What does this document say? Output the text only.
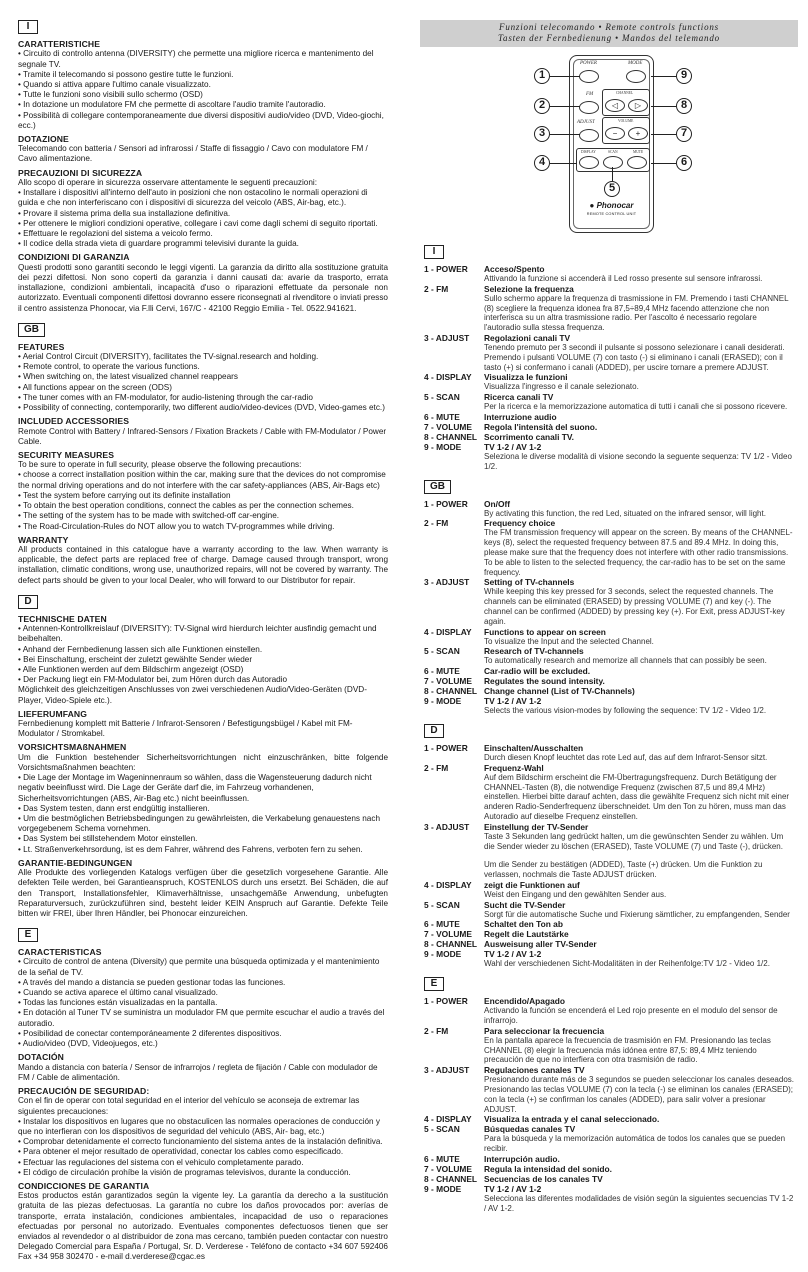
I
CARATTERISTICHE
• Circuito di controllo antenna (DIVERSITY) che permette una migliore ricerca e mantenimento del segnale TV.
• Tramite il telecomando si possono gestire tutte le funzioni.
• Quando si attiva appare l'ultimo canale visualizzato.
• Tutte le funzioni sono visibili sullo schermo (OSD)
• In dotazione un modulatore FM che permette di ascoltare l'audio tramite l'autoradio.
• Possibilità di collegare contemporaneamente due diversi dispositivi audio/video (DVD, Video-giochi, ecc.)
DOTAZIONE
Telecomando con batteria / Sensori ad infrarossi / Staffe di fissaggio / Cavo con modulatore FM / Cavo alimentazione.
PRECAUZIONI DI SICUREZZA
Allo scopo di operare in sicurezza osservare attentamente le seguenti precauzioni:
• Installare i dispositivi all'interno dell'auto in posizioni che non ostacolino le normali operazioni di guida e che non interferiscano con i dispositivi di sicurezza del veicolo (ABS, Air-bag, etc.).
• Provare il sistema prima della sua installazione definitiva.
• Per ottenere le migliori condizioni operative, collegare i cavi come dagli schemi di seguito riportati.
• Effettuare le regolazioni del sistema a veicolo fermo.
• Il codice della strada vieta di guardare programmi televisivi durante la guida.
CONDIZIONI DI GARANZIA
Questi prodotti sono garantiti secondo le leggi vigenti. La garanzia da diritto alla sostituzione gratuita dei pezzi difettosi. Non sono coperti da garanzia i danni causati da: avarie da trasporto, errata installazione, condizioni ambientali, incapacità d'uso o riparazioni effettuate da personale non autorizzato. Eventuali componenti difettosi dovranno essere riconsegnati al rivenditore o inviati presso il centro assistenza Phonocar, via F.lli Cervi, 167/C - 42100 Reggio Emilia - Tel. 0522.941621.
GB
FEATURES
• Aerial Control Circuit (DIVERSITY), facilitates the TV-signal.research and holding.
• Remote control, to operate the various functions.
• When switching on, the latest visualized channel reappears
• All functions appear on the screen (ODS)
• The tuner comes with an FM-modulator, for audio-listening through the car-radio
• Possibility of connecting, contemporarily, two different audio/video-devices (DVD, Video-games etc.)
INCLUDED ACCESSORIES
Remote Control with Battery / Infrared-Sensors / Fixation Brackets / Cable with FM-Modulator / Power Cable.
SECURITY MEASURES
To be sure to operate in full security, please observe the following precautions:
• choose a correct installation position within the car, making sure that the devices do not compromise the normal driving operations and do not interfere with the car safety-appliances (ABS, Air-Bags etc)
• Test the system before carrying out its definite installation
• To obtain the best operation conditions, connect the cables as per the connection schemes.
• The setting of the system has to be made with switched-off car-engine.
• The Road-Circulation-Rules do NOT allow you to watch TV-programmes while driving.
WARRANTY
All products contained in this catalogue have a warranty according to the law. When warranty is applicable, the defect parts are replaced free of charge. Damage caused through transport, wrong installation, climatic conditions, wrong use, unauthorized repairs, will not be covered by warranty. The defect parts should be given to your local Dealer, who will forward to our Distributor for repair.
D
TECHNISCHE DATEN
• Antennen-Kontrollkreislauf (DIVERSITY): TV-Signal wird hierdurch leichter ausfindig gemacht und beibehalten.
• Anhand der Fernbedienung lassen sich alle Funktionen einstellen.
• Bei Einschaltung, erscheint der zuletzt gewählte Sender wieder
• Alle Funktionen werden auf dem Bildschirm angezeigt (OSD)
• Der Packung liegt ein FM-Modulator bei, zum Hören durch das Autoradio
Möglichkeit des gleichzeitigen Anschlusses von zwei verschiedenen Audio/Video-Geräten (DVD-Player, Video-Spiele etc.).
LIEFERUMFANG
Fernbedienung komplett mit Batterie / Infrarot-Sensoren / Befestigungsbügel / Kabel mit FM-Modulator / Stromkabel.
VORSICHTSMAßNAHMEN
Um die Funktion bestehender Sicherheitsvorrichtungen nicht einzuschränken, bitte folgende Vorsichtsmaßnahmen beachten:
• Die Lage der Montage im Wageninnenraum so wählen, dass die Wagensteuerung dadurch nicht negativ beeinflusst wird. Die Lage der Geräte darf die, im Fahrzeug vorhandenen, Sicherheitsvorrichtungen (ABS, Air-Bag etc.) nicht beeinflussen.
• Das System testen, dann erst endgültig installieren.
• Um die bestmöglichen Betriebsbedingungen zu gewährleisten, die Verkabelung genauestens nach vorgegebenem Schema vornehmen.
• Das System bei stillstehendem Motor einstellen.
• Lt. Straßenverkehrsordung, ist es dem Fahrer, während des Fahrens, verboten fern zu sehen.
GARANTIE-BEDINGUNGEN
Alle Produkte des vorliegenden Katalogs verfügen über die gesetzlich vorgesehene Garantie. Alle defekten Teile werden, bei Garantieanspruch, KOSTENLOS durch uns ersetzt. Bei Schäden, die auf den Transport, Installationsfehler, Klimaverhältnisse, unsachgemäße Anwendung, unbefugten Reparaturversuch, zurückzuführen sind, besteht leider KEIN Anspruch auf Garantie. Defekte Teile bitten wir FREI, über Ihren Händler, bei Phonocar einzureichen.
E
CARACTERISTICAS
• Circuito de control de antena (Diversity) que permite una búsqueda optimizada y el mantenimiento de la señal de TV.
• A través del mando a distancia se pueden gestionar todas las funciones.
• Cuando se activa aparece el último canal visualizado.
• Todas las funciones están visualizadas en la pantalla.
• En dotación al Tuner TV se suministra un modulador FM que permite escuchar el audio a través del autoradio.
• Posibilidad de conectar contemporáneamente 2 diferentes dispositivos.
• Audio/video (DVD, Videojuegos, etc.)
DOTACIÓN
Mando a distancia con batería / Sensor de infrarrojos / regleta de fijación / Cable con modulador de FM / Cable de alimentación.
PRECAUCIÓN DE SEGURIDAD:
Con el fin de operar con total seguridad en el interior del vehículo se aconseja de extremar las siguientes precauciones:
• Instalar los dispositivos en lugares que no obstaculicen las normales operaciones de conducción y que no interfieran con los dispositivos de seguridad del vehiculo (ABS, Air- bag, etc.)
• Comprobar detenidamente el correcto funcionamiento del sistema antes de la instalación definitiva.
• Para obtener el mejor resultado de operatividad, conectar los cables como especificado.
• Efectuar las regulaciones del sistema con el vehiculo completamente parado.
• El código de circulación prohíbe la visión de programas televisivos, durante la conducción.
CONDICCIONES DE GARANTIA
Estos productos están garantizados según la vigente ley. La garantía da derecho a la sustitución gratuita de las piezas defectuosas. La garantía no cubre los daños provocados por: averías de transporte, errata instalación, condiciones ambientales, incapacidad de uso o reparaciones efectuadas por personal no autorizado. Eventuales componentes defectuosos tienen que ser enviados al revendedor o al distribuidor de zona mas cercano, también pueden contactar con nuestro Delegado Comercial para España / Portugal, Sr. D. Verderese - Teléfono de contacto +34 607 592406 Fax +34 958 302470 - e-mail d.verderese@cgac.es
Funzioni telecomando • Remote controls functions
Tasten der Fernbedienung • Mandos del telemando
POWER	MODE
FM	CHANNEL
◁	▷
ADJUST	VOLUME
−	+
DISPLAY	SCAN	MUTE
● Phonocar
REMOTE CONTROL UNIT
1
2
3
4
5
9
8
7
6
I
1 - POWER	Acceso/Spento
Attivando la funzione si accenderà il Led rosso presente sul sensore infrarossi.
2 - FM	Selezione la frequenza
Sullo schermo appare la frequenza di trasmissione in FM. Premendo i tasti CHANNEL (8) scegliere la frequenza idonea fra 87,5÷89,4 MHz facendo attenzione che non interferisca su un altra trasmissione radio. Per l'ascolto é necessario regolare l'autoradio sulla stessa frequenza.
3 - ADJUST	Regolazioni canali TV
Tenendo premuto per 3 secondi il pulsante si possono selezionare i canali desiderati. Premendo i pulsanti VOLUME (7) con tasto (-) si eliminano i canali (ERASED); con il tasto (+) si confermano i canali (ADDED), per uscire tornare a premere ADJUST.
4 - DISPLAY	Visualizza le funzioni
Visualizza l'ingresso e il canale selezionato.
5 - SCAN	Ricerca canali TV
Per la ricerca e la memorizzazione automatica di tutti i canali che si possono ricevere.
6 - MUTE	Interruzione audio
7 - VOLUME	Regola l'intensità del suono.
8 - CHANNEL Scorrimento canali TV.
9 - MODE	TV 1-2 / AV 1-2
Seleziona le diverse modalità di visione secondo la seguente sequenza: TV 1/2 - Video 1/2.
GB
1 - POWER	On/Off
By activating this function, the red Led, situated on the infrared sensor, will light.
2 - FM	Frequency choice
The FM transmission frequency will appear on the screen. By means of the CHANNEL-keys (8), select the requested frequency between 87.5 and 89.4 MHz. In doing this, please make sure that the frequency does not interfere with other radio transmissions. To be able to listen to the selected frequency, the car-radio has to be set on the same frequency.
3 - ADJUST	Setting of TV-channels
While keeping this key pressed for 3 seconds, select the requested channels. The channels can be eliminated (ERASED) by pressing VOLUME (7) and key (-). The channel can be confirmed (ADDED) by pressing key (+). For Exit, press ADJUST-key again.
4 - DISPLAY	Functions to appear on screen
To visualize the Input and the selected Channel.
5 - SCAN	Research of TV-channels
To automatically research and memorize all channels that can possibly be seen.
6 - MUTE	Car-radio will be excluded.
7 - VOLUME	Regulates the sound intensity.
8 - CHANNEL Change channel (List of TV-Channels)
9 - MODE	TV 1-2 / AV 1-2
Selects the various vision-modes by following the sequence: TV 1/2 - Video 1/2.
D
1 - POWER	Einschalten/Ausschalten
Durch diesen Knopf leuchtet das rote Led auf, das auf dem Infrarot-Sensor sitzt.
2 - FM	Frequenz-Wahl
Auf dem Bildschirm erscheint die FM-Übertragungsfrequenz. Durch Betätigung der CHANNEL-Tasten (8), die notwendige Frequenz (zwischen 87,5 und 89,4 MHz) einstellen. Hierbei bitte darauf achten, dass die gewählte Frequenz sich nicht mit einer anderen Radio-Senderfrequenz überschneidet. Um den Ton zu hören, muss man das Autoradio auf dieselbe Frequenz einstellen.
3 - ADJUST	Einstellung der TV-Sender
Taste 3 Sekunden lang gedrückt halten, um die gewünschten Sender zu wählen. Um die Sender wieder zu löschen (ERASED), Taste VOLUME (7) und Taste (-), drücken.
Um die Sender zu bestätigen (ADDED), Taste (+) drücken. Um die Funktion zu verlassen, nochmals die Taste ADJUST drücken.
4 - DISPLAY	zeigt die Funktionen auf
Weist den Eingang und den gewählten Sender aus.
5 - SCAN	Sucht die TV-Sender
Sorgt für die automatische Suche und Fixierung sämtlicher, zu empfangenden, Sender
6 - MUTE	Schaltet den Ton ab
7 - VOLUME	Regelt die Lautstärke
8 - CHANNEL Ausweisung aller TV-Sender
9 - MODE	TV 1-2 / AV 1-2
Wahl der verschiedenen Sicht-Modalitäten in der Reihenfolge:TV 1/2 - Video 1/2.
E
1 - POWER	Encendido/Apagado
Activando la función se encenderá el Led rojo presente en el modulo del sensor de infrarrojo.
2 - FM	Para seleccionar la frecuencia
En la pantalla aparece la frecuencia de trasmisión en FM. Presionando las teclas CHANNEL (8) elegir la frecuencia más idónea entre 87,5: 89,4 MHz teniendo precaución de que no interfiera con otra trasmisión de radio.
3 - ADJUST	Regulaciones canales TV
Presionando durante más de 3 segundos se pueden seleccionar los canales deseados. Presionando las teclas VOLUME (7) con la tecla (-) se eliminan los canales (ERASED); con la tecla (+) se confirman los canales (ADDED), para salir volver a presionar ADJUST.
4 - DISPLAY	Visualiza la entrada y el canal seleccionado.
5 - SCAN	Búsquedas canales TV
Para la búsqueda y la memorización automática de todos los canales que se pueden recibir.
6 - MUTE	Interrupción audio.
7 - VOLUME	Regula la intensidad del sonido.
8 - CHANNEL Secuencias de los canales TV
9 - MODE	TV 1-2 / AV 1-2
Selecciona las diferentes modalidades de visión según la siguientes secuencias TV 1-2 / AV 1-2.
